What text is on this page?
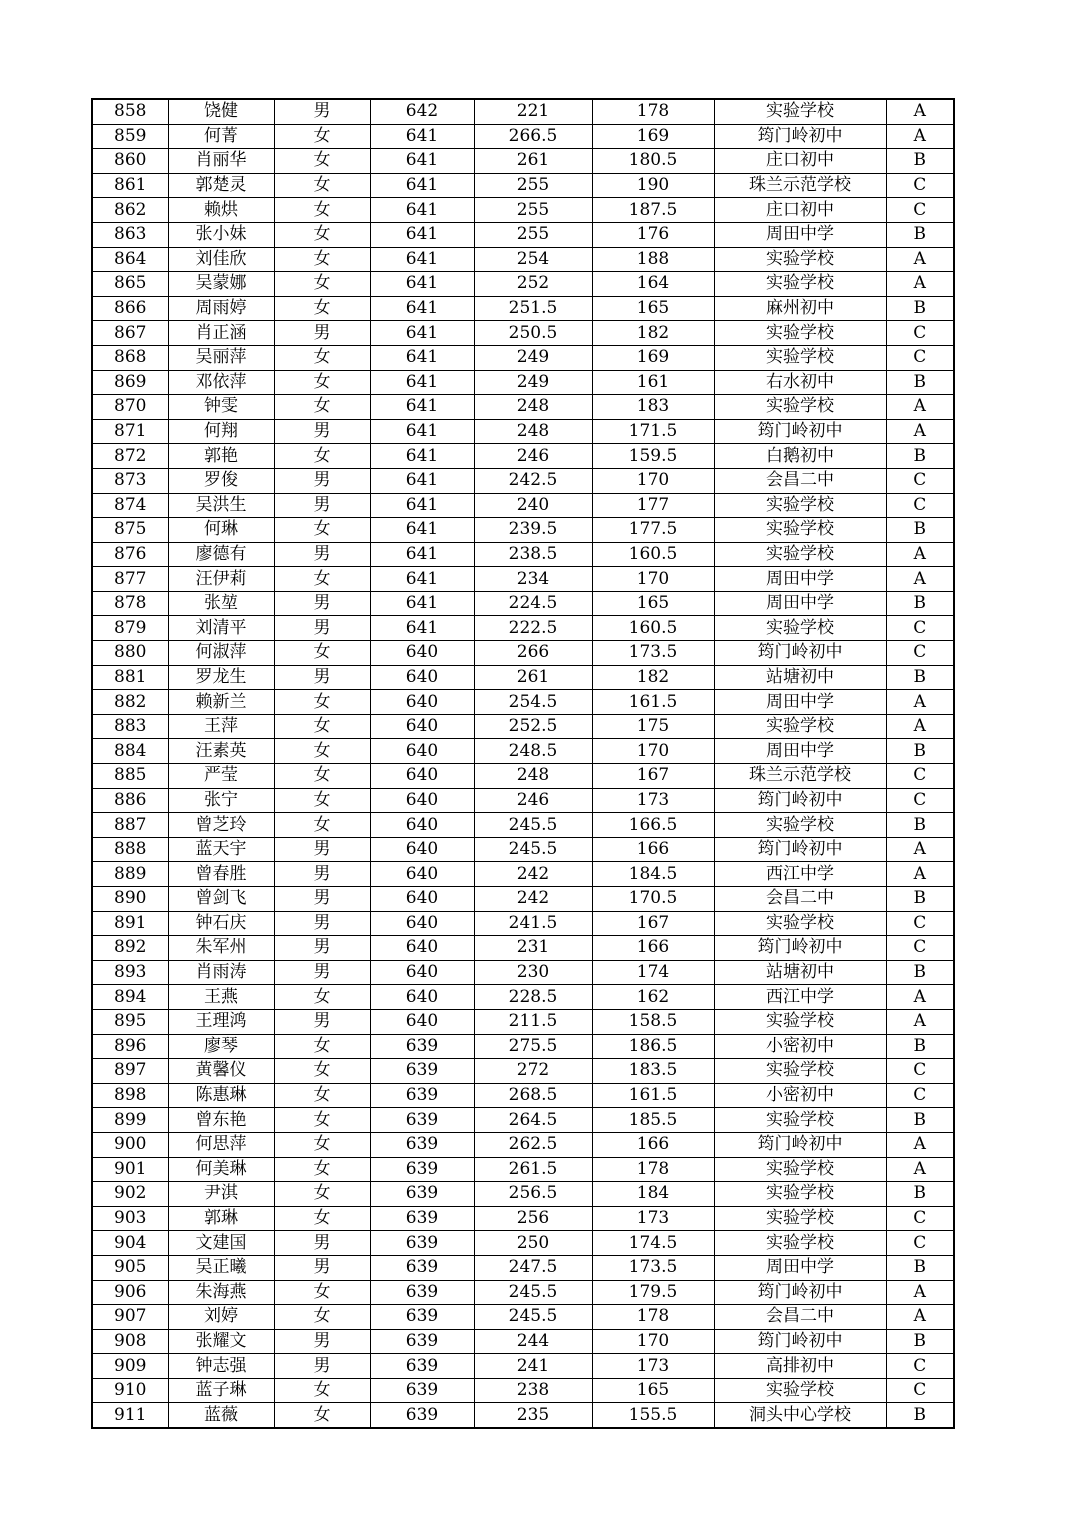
858	饶健	男	642	221	178	实验学校	A
859	何菁	女	641	266.5	169	筠门岭初中	A
860	肖丽华	女	641	261	180.5	庄口初中	B
861	郭楚灵	女	641	255	190	珠兰示范学校	C
862	赖烘	女	641	255	187.5	庄口初中	C
863	张小妹	女	641	255	176	周田中学	B
864	刘佳欣	女	641	254	188	实验学校	A
865	吴蒙娜	女	641	252	164	实验学校	A
866	周雨婷	女	641	251.5	165	麻州初中	B
867	肖正涵	男	641	250.5	182	实验学校	C
868	吴丽萍	女	641	249	169	实验学校	C
869	邓依萍	女	641	249	161	右水初中	B
870	钟雯	女	641	248	183	实验学校	A
871	何翔	男	641	248	171.5	筠门岭初中	A
872	郭艳	女	641	246	159.5	白鹅初中	B
873	罗俊	男	641	242.5	170	会昌二中	C
874	吴洪生	男	641	240	177	实验学校	C
875	何琳	女	641	239.5	177.5	实验学校	B
876	廖德有	男	641	238.5	160.5	实验学校	A
877	汪伊莉	女	641	234	170	周田中学	A
878	张堃	男	641	224.5	165	周田中学	B
879	刘清平	男	641	222.5	160.5	实验学校	C
880	何淑萍	女	640	266	173.5	筠门岭初中	C
881	罗龙生	男	640	261	182	站塘初中	B
882	赖新兰	女	640	254.5	161.5	周田中学	A
883	王萍	女	640	252.5	175	实验学校	A
884	汪素英	女	640	248.5	170	周田中学	B
885	严莹	女	640	248	167	珠兰示范学校	C
886	张宁	女	640	246	173	筠门岭初中	C
887	曾芝玲	女	640	245.5	166.5	实验学校	B
888	蓝天宇	男	640	245.5	166	筠门岭初中	A
889	曾春胜	男	640	242	184.5	西江中学	A
890	曾剑飞	男	640	242	170.5	会昌二中	B
891	钟石庆	男	640	241.5	167	实验学校	C
892	朱军州	男	640	231	166	筠门岭初中	C
893	肖雨涛	男	640	230	174	站塘初中	B
894	王燕	女	640	228.5	162	西江中学	A
895	王理鸿	男	640	211.5	158.5	实验学校	A
896	廖琴	女	639	275.5	186.5	小密初中	B
897	黄馨仪	女	639	272	183.5	实验学校	C
898	陈惠琳	女	639	268.5	161.5	小密初中	C
899	曾东艳	女	639	264.5	185.5	实验学校	B
900	何思萍	女	639	262.5	166	筠门岭初中	A
901	何美琳	女	639	261.5	178	实验学校	A
902	尹淇	女	639	256.5	184	实验学校	B
903	郭琳	女	639	256	173	实验学校	C
904	文建国	男	639	250	174.5	实验学校	C
905	吴正曦	男	639	247.5	173.5	周田中学	B
906	朱海燕	女	639	245.5	179.5	筠门岭初中	A
907	刘婷	女	639	245.5	178	会昌二中	A
908	张耀文	男	639	244	170	筠门岭初中	B
909	钟志强	男	639	241	173	高排初中	C
910	蓝子琳	女	639	238	165	实验学校	C
911	蓝薇	女	639	235	155.5	洞头中心学校	B
